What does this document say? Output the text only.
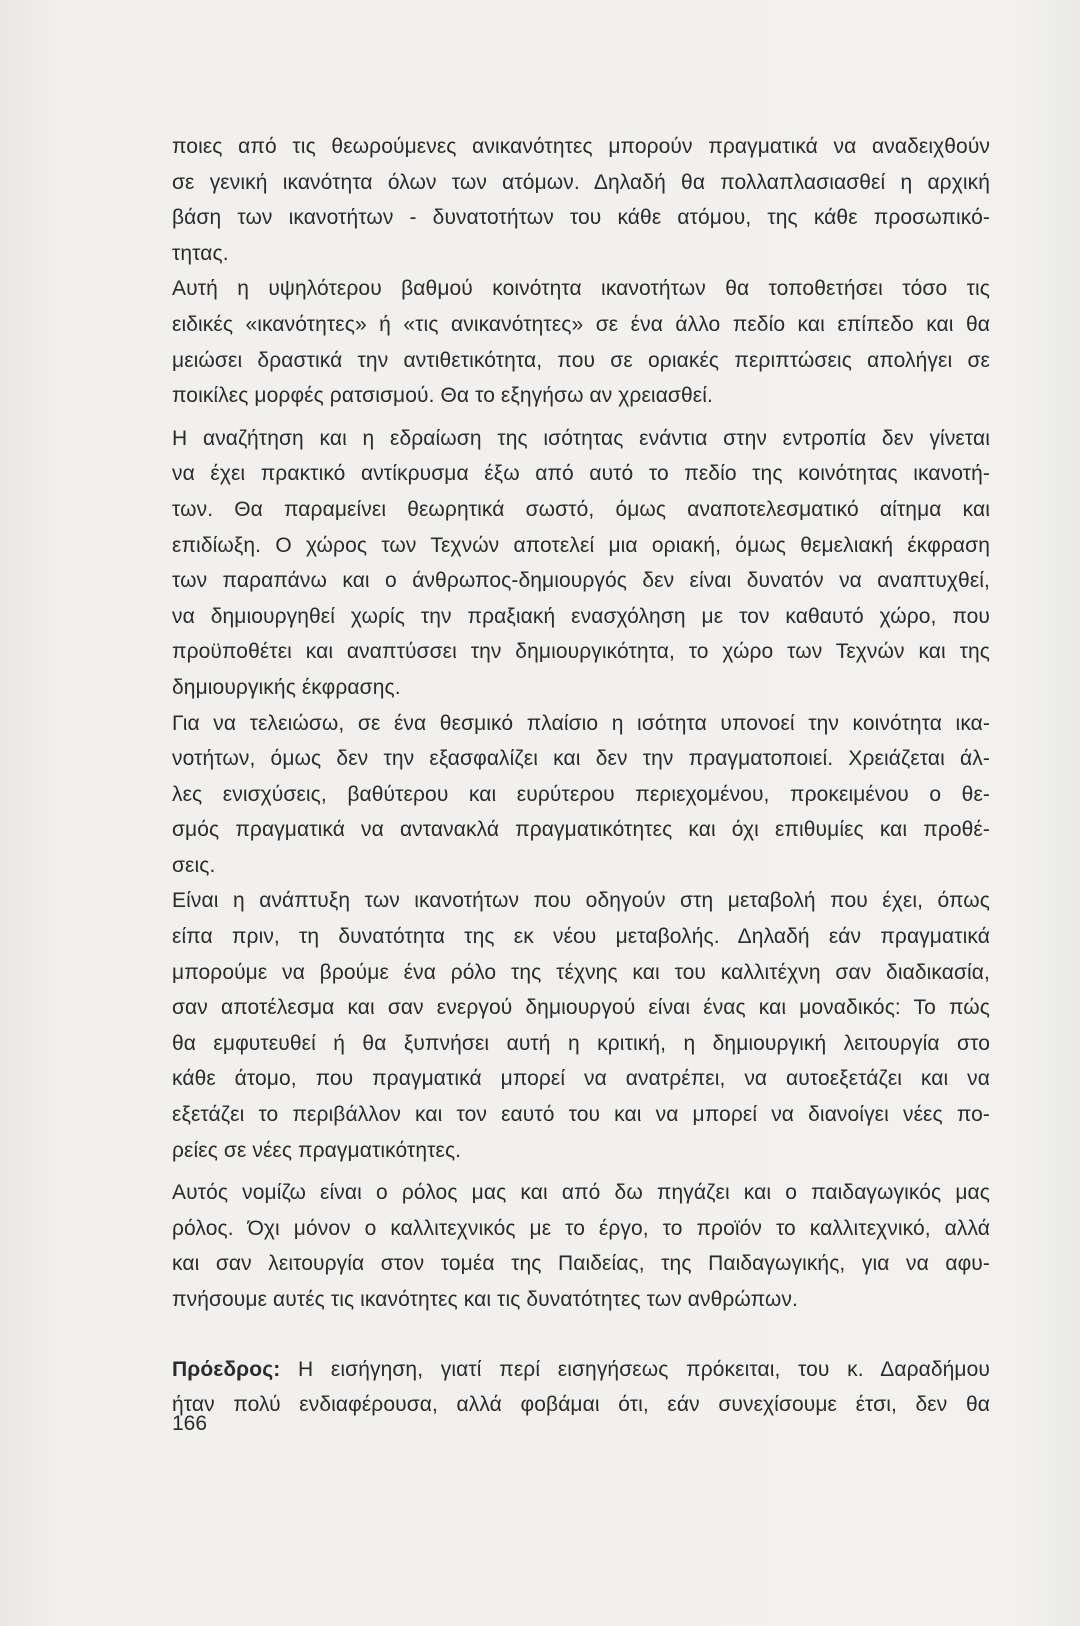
ποιες από τις θεωρούμενες ανικανότητες μπορούν πραγματικά να αναδειχθούν
σε γενική ικανότητα όλων των ατόμων. Δηλαδή θα πολλαπλασιασθεί η αρχική
βάση των ικανοτήτων - δυνατοτήτων του κάθε ατόμου, της κάθε προσωπικό-
τητας.
Αυτή η υψηλότερου βαθμού κοινότητα ικανοτήτων θα τοποθετήσει τόσο τις
ειδικές «ικανότητες» ή «τις ανικανότητες» σε ένα άλλο πεδίο και επίπεδο και θα
μειώσει δραστικά την αντιθετικότητα, που σε οριακές περιπτώσεις απολήγει σε
ποικίλες μορφές ρατσισμού. Θα το εξηγήσω αν χρειασθεί.
Η αναζήτηση και η εδραίωση της ισότητας ενάντια στην εντροπία δεν γίνεται
να έχει πρακτικό αντίκρυσμα έξω από αυτό το πεδίο της κοινότητας ικανοτή-
των. Θα παραμείνει θεωρητικά σωστό, όμως αναποτελεσματικό αίτημα και
επιδίωξη. Ο χώρος των Τεχνών αποτελεί μια οριακή, όμως θεμελιακή έκφραση
των παραπάνω και ο άνθρωπος-δημιουργός δεν είναι δυνατόν να αναπτυχθεί,
να δημιουργηθεί χωρίς την πραξιακή ενασχόληση με τον καθαυτό χώρο, που
προϋποθέτει και αναπτύσσει την δημιουργικότητα, το χώρο των Τεχνών και της
δημιουργικής έκφρασης.
Για να τελειώσω, σε ένα θεσμικό πλαίσιο η ισότητα υπονοεί την κοινότητα ικα-
νοτήτων, όμως δεν την εξασφαλίζει και δεν την πραγματοποιεί. Χρειάζεται άλ-
λες ενισχύσεις, βαθύτερου και ευρύτερου περιεχομένου, προκειμένου ο θε-
σμός πραγματικά να αντανακλά πραγματικότητες και όχι επιθυμίες και προθέ-
σεις.
Είναι η ανάπτυξη των ικανοτήτων που οδηγούν στη μεταβολή που έχει, όπως
είπα πριν, τη δυνατότητα της εκ νέου μεταβολής. Δηλαδή εάν πραγματικά
μπορούμε να βρούμε ένα ρόλο της τέχνης και του καλλιτέχνη σαν διαδικασία,
σαν αποτέλεσμα και σαν ενεργού δημιουργού είναι ένας και μοναδικός: Το πώς
θα εμφυτευθεί ή θα ξυπνήσει αυτή η κριτική, η δημιουργική λειτουργία στο
κάθε άτομο, που πραγματικά μπορεί να ανατρέπει, να αυτοεξετάζει και να
εξετάζει το περιβάλλον και τον εαυτό του και να μπορεί να διανοίγει νέες πο-
ρείες σε νέες πραγματικότητες.
Αυτός νομίζω είναι ο ρόλος μας και από δω πηγάζει και ο παιδαγωγικός μας
ρόλος. Όχι μόνον ο καλλιτεχνικός με το έργο, το προϊόν το καλλιτεχνικό, αλλά
και σαν λειτουργία στον τομέα της Παιδείας, της Παιδαγωγικής, για να αφυ-
πνήσουμε αυτές τις ικανότητες και τις δυνατότητες των ανθρώπων.
Πρόεδρος: Η εισήγηση, γιατί περί εισηγήσεως πρόκειται, του κ. Δαραδήμου
ήταν πολύ ενδιαφέρουσα, αλλά φοβάμαι ότι, εάν συνεχίσουμε έτσι, δεν θα
166
